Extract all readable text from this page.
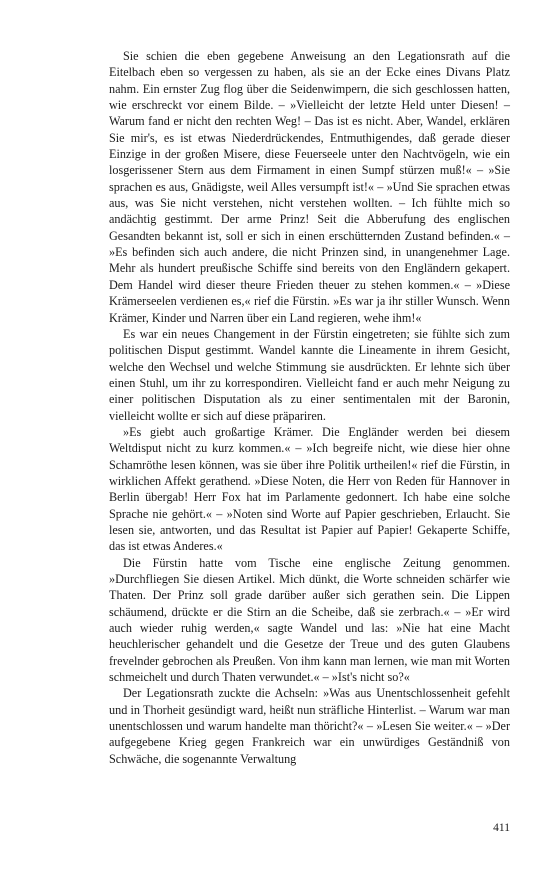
Sie schien die eben gegebene Anweisung an den Legationsrath auf die Eitelbach eben so vergessen zu haben, als sie an der Ecke eines Divans Platz nahm. Ein ernster Zug flog über die Seidenwimpern, die sich geschlossen hatten, wie erschreckt vor einem Bilde. – »Vielleicht der letzte Held unter Diesen! – Warum fand er nicht den rechten Weg! – Das ist es nicht. Aber, Wandel, erklären Sie mir's, es ist etwas Niederdrückendes, Entmuthigendes, daß gerade dieser Einzige in der großen Misere, diese Feuerseele unter den Nachtvögeln, wie ein losgerissener Stern aus dem Firmament in einen Sumpf stürzen muß!« – »Sie sprachen es aus, Gnädigste, weil Alles versumpft ist!« – »Und Sie sprachen etwas aus, was Sie nicht verstehen, nicht verstehen wollten. – Ich fühlte mich so andächtig gestimmt. Der arme Prinz! Seit die Abberufung des englischen Gesandten bekannt ist, soll er sich in einen erschütternden Zustand befinden.« – »Es befinden sich auch andere, die nicht Prinzen sind, in unangenehmer Lage. Mehr als hundert preußische Schiffe sind bereits von den Engländern gekapert. Dem Handel wird dieser theure Frieden theuer zu stehen kommen.« – »Diese Krämerseelen verdienen es,« rief die Fürstin. »Es war ja ihr stiller Wunsch. Wenn Krämer, Kinder und Narren über ein Land regieren, wehe ihm!«

Es war ein neues Changement in der Fürstin eingetreten; sie fühlte sich zum politischen Disput gestimmt. Wandel kannte die Lineamente in ihrem Gesicht, welche den Wechsel und welche Stimmung sie ausdrückten. Er lehnte sich über einen Stuhl, um ihr zu korrespondiren. Vielleicht fand er auch mehr Neigung zu einer politischen Disputation als zu einer sentimentalen mit der Baronin, vielleicht wollte er sich auf diese präpariren.

»Es giebt auch großartige Krämer. Die Engländer werden bei diesem Weltdisput nicht zu kurz kommen.« – »Ich begreife nicht, wie diese hier ohne Schamröthe lesen können, was sie über ihre Politik urtheilen!« rief die Fürstin, in wirklichen Affekt gerathend. »Diese Noten, die Herr von Reden für Hannover in Berlin übergab! Herr Fox hat im Parlamente gedonnert. Ich habe eine solche Sprache nie gehört.« – »Noten sind Worte auf Papier geschrieben, Erlaucht. Sie lesen sie, antworten, und das Resultat ist Papier auf Papier! Gekaperte Schiffe, das ist etwas Anderes.«

Die Fürstin hatte vom Tische eine englische Zeitung genommen. »Durchfliegen Sie diesen Artikel. Mich dünkt, die Worte schneiden schärfer wie Thaten. Der Prinz soll grade darüber außer sich gerathen sein. Die Lippen schäumend, drückte er die Stirn an die Scheibe, daß sie zerbrach.« – »Er wird auch wieder ruhig werden,« sagte Wandel und las: »Nie hat eine Macht heuchlerischer gehandelt und die Gesetze der Treue und des guten Glaubens frevelnder gebrochen als Preußen. Von ihm kann man lernen, wie man mit Worten schmeichelt und durch Thaten verwundet.« – »Ist's nicht so?«

Der Legationsrath zuckte die Achseln: »Was aus Unentschlossenheit gefehlt und in Thorheit gesündigt ward, heißt nun sträfliche Hinterlist. – Warum war man unentschlossen und warum handelte man thöricht?« – »Lesen Sie weiter.« – »Der aufgegebene Krieg gegen Frankreich war ein unwürdiges Geständniß von Schwäche, die sogenannte Verwaltung

411
